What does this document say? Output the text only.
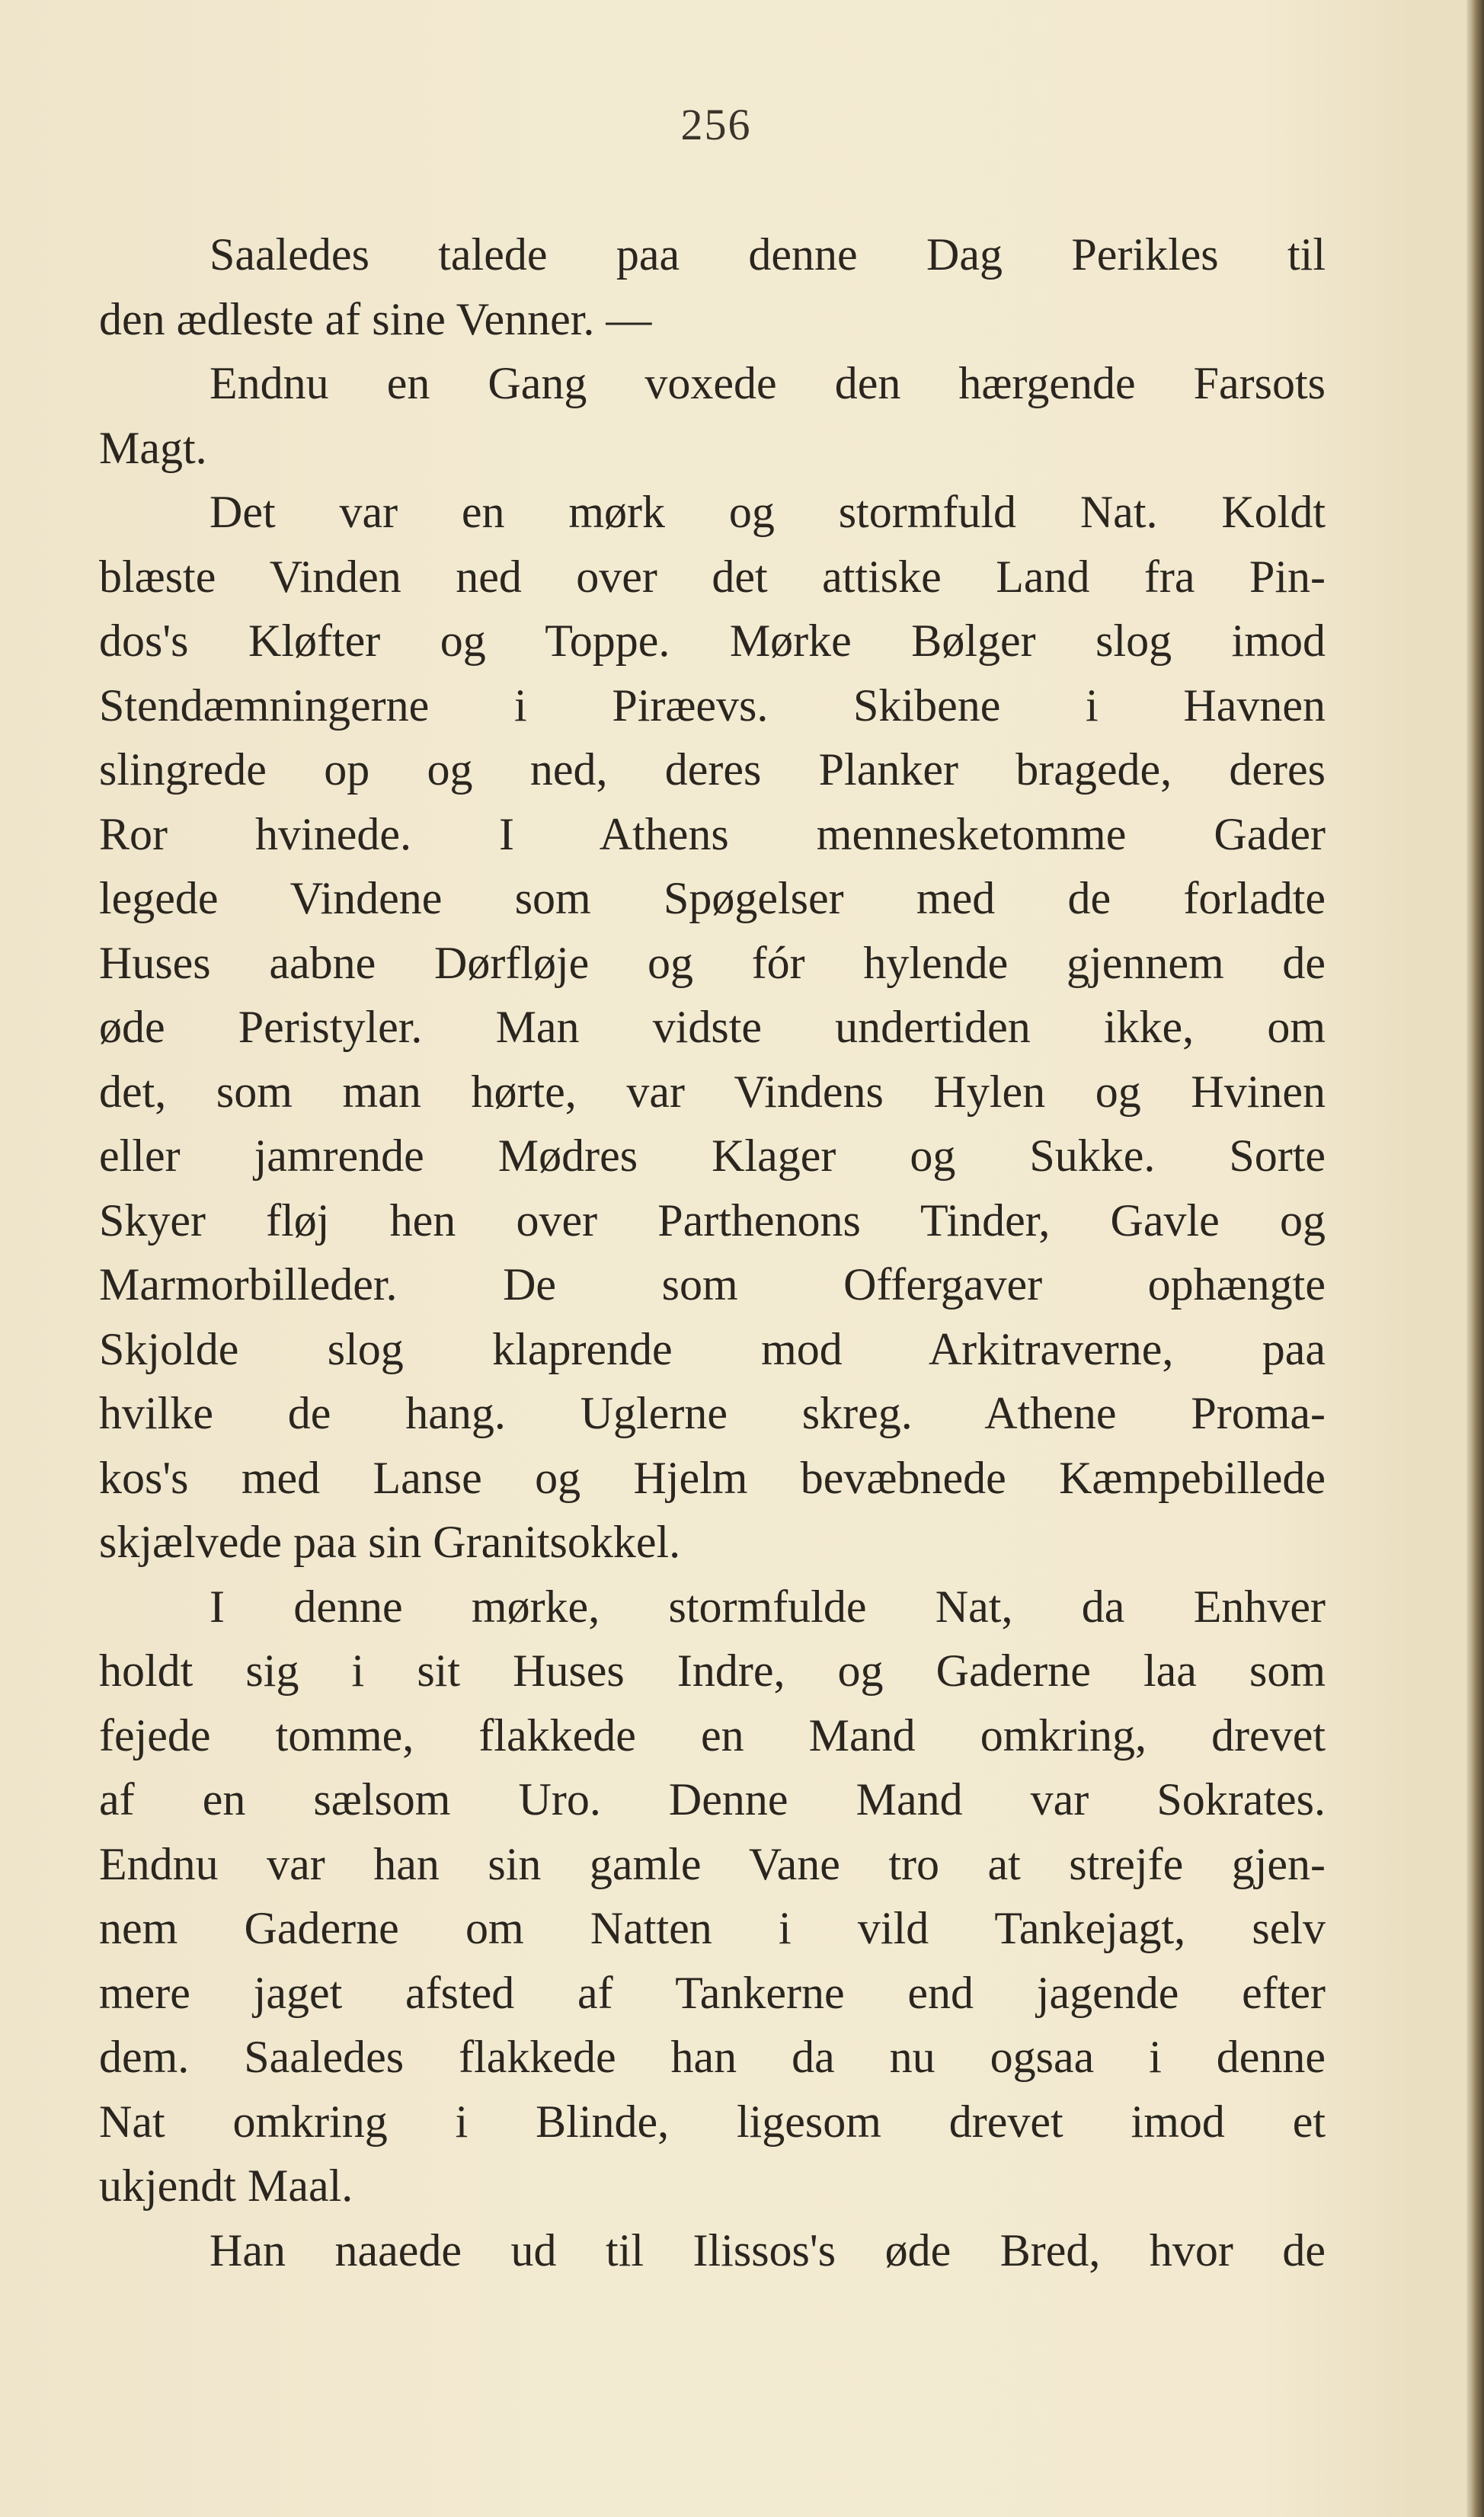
256
Saaledes talede paa denne Dag Perikles til
den ædleste af sine Venner. —
Endnu en Gang voxede den hærgende Farsots
Magt.
Det var en mørk og stormfuld Nat. Koldt
blæste Vinden ned over det attiske Land fra Pin-
dos's Kløfter og Toppe. Mørke Bølger slog imod
Stendæmningerne i Piræevs. Skibene i Havnen
slingrede op og ned, deres Planker bragede, deres
Ror hvinede. I Athens mennesketomme Gader
legede Vindene som Spøgelser med de forladte
Huses aabne Dørfløje og fór hylende gjennem de
øde Peristyler. Man vidste undertiden ikke, om
det, som man hørte, var Vindens Hylen og Hvinen
eller jamrende Mødres Klager og Sukke. Sorte
Skyer fløj hen over Parthenons Tinder, Gavle og
Marmorbilleder. De som Offergaver ophængte
Skjolde slog klaprende mod Arkitraverne, paa
hvilke de hang. Uglerne skreg. Athene Proma-
kos's med Lanse og Hjelm bevæbnede Kæmpebillede
skjælvede paa sin Granitsokkel.
I denne mørke, stormfulde Nat, da Enhver
holdt sig i sit Huses Indre, og Gaderne laa som
fejede tomme, flakkede en Mand omkring, drevet
af en sælsom Uro. Denne Mand var Sokrates.
Endnu var han sin gamle Vane tro at strejfe gjen-
nem Gaderne om Natten i vild Tankejagt, selv
mere jaget afsted af Tankerne end jagende efter
dem. Saaledes flakkede han da nu ogsaa i denne
Nat omkring i Blinde, ligesom drevet imod et
ukjendt Maal.
Han naaede ud til Ilissos's øde Bred, hvor de
